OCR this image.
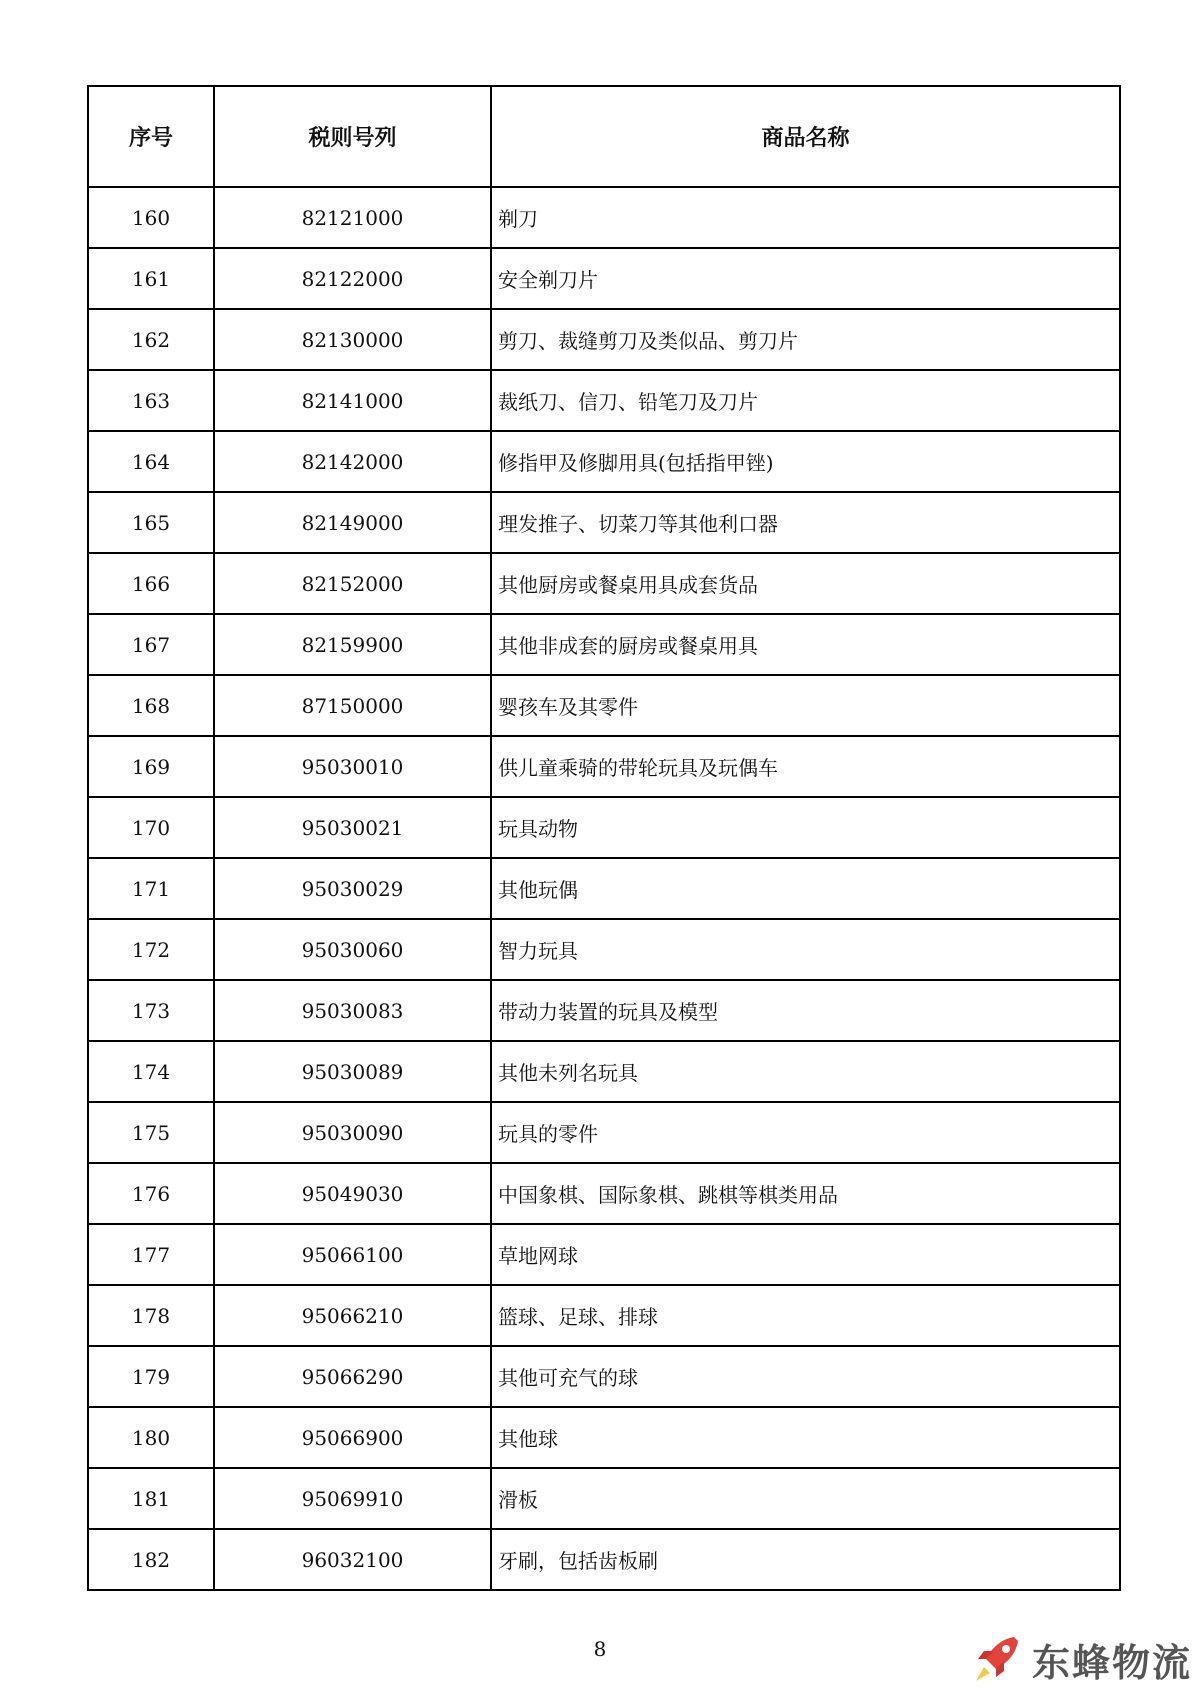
序号	税则号列	商品名称
160	82121000	剃刀
161	82122000	安全剃刀片
162	82130000	剪刀、裁缝剪刀及类似品、剪刀片
163	82141000	裁纸刀、信刀、铅笔刀及刀片
164	82142000	修指甲及修脚用具(包括指甲锉)
165	82149000	理发推子、切菜刀等其他利口器
166	82152000	其他厨房或餐桌用具成套货品
167	82159900	其他非成套的厨房或餐桌用具
168	87150000	婴孩车及其零件
169	95030010	供儿童乘骑的带轮玩具及玩偶车
170	95030021	玩具动物
171	95030029	其他玩偶
172	95030060	智力玩具
173	95030083	带动力装置的玩具及模型
174	95030089	其他未列名玩具
175	95030090	玩具的零件
176	95049030	中国象棋、国际象棋、跳棋等棋类用品
177	95066100	草地网球
178	95066210	篮球、足球、排球
179	95066290	其他可充气的球
180	95066900	其他球
181	95069910	滑板
182	96032100	牙刷，包括齿板刷
8	东蜂物流
